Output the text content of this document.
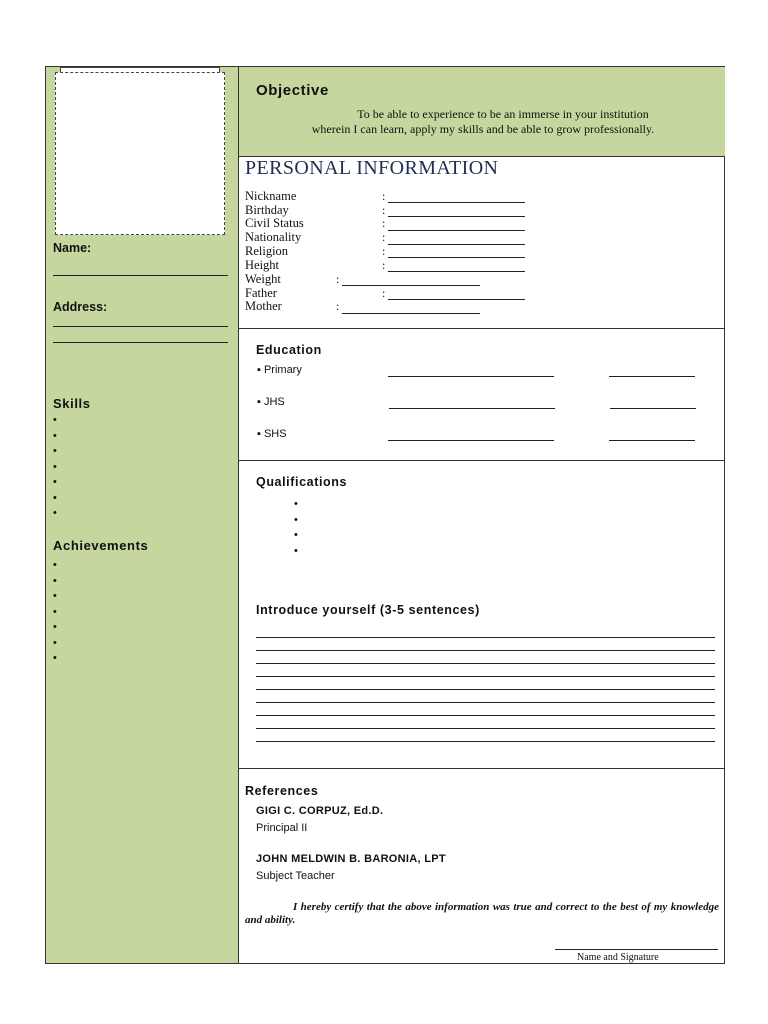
Name:
Address:
Skills
•
•
•
•
•
•
•
Achievements
•
•
•
•
•
•
•
Objective
To be able to experience to be an immerse in your institution
wherein I can learn, apply my skills and be able to grow professionally.
PERSONAL INFORMATION
Nickname
Birthday
Civil Status
Nationality
Religion
Height
Weight
Father
Mother
:
:
:
:
:
:
:
:
:
Education
▪ Primary
▪ JHS
▪ SHS
Qualifications
•
•
•
•
Introduce yourself (3-5 sentences)
References
GIGI C. CORPUZ, Ed.D.
Principal II
JOHN MELDWIN B. BARONIA, LPT
Subject Teacher
I hereby certify that the above information was true and correct to the best of my knowledge and ability.
Name and Signature
